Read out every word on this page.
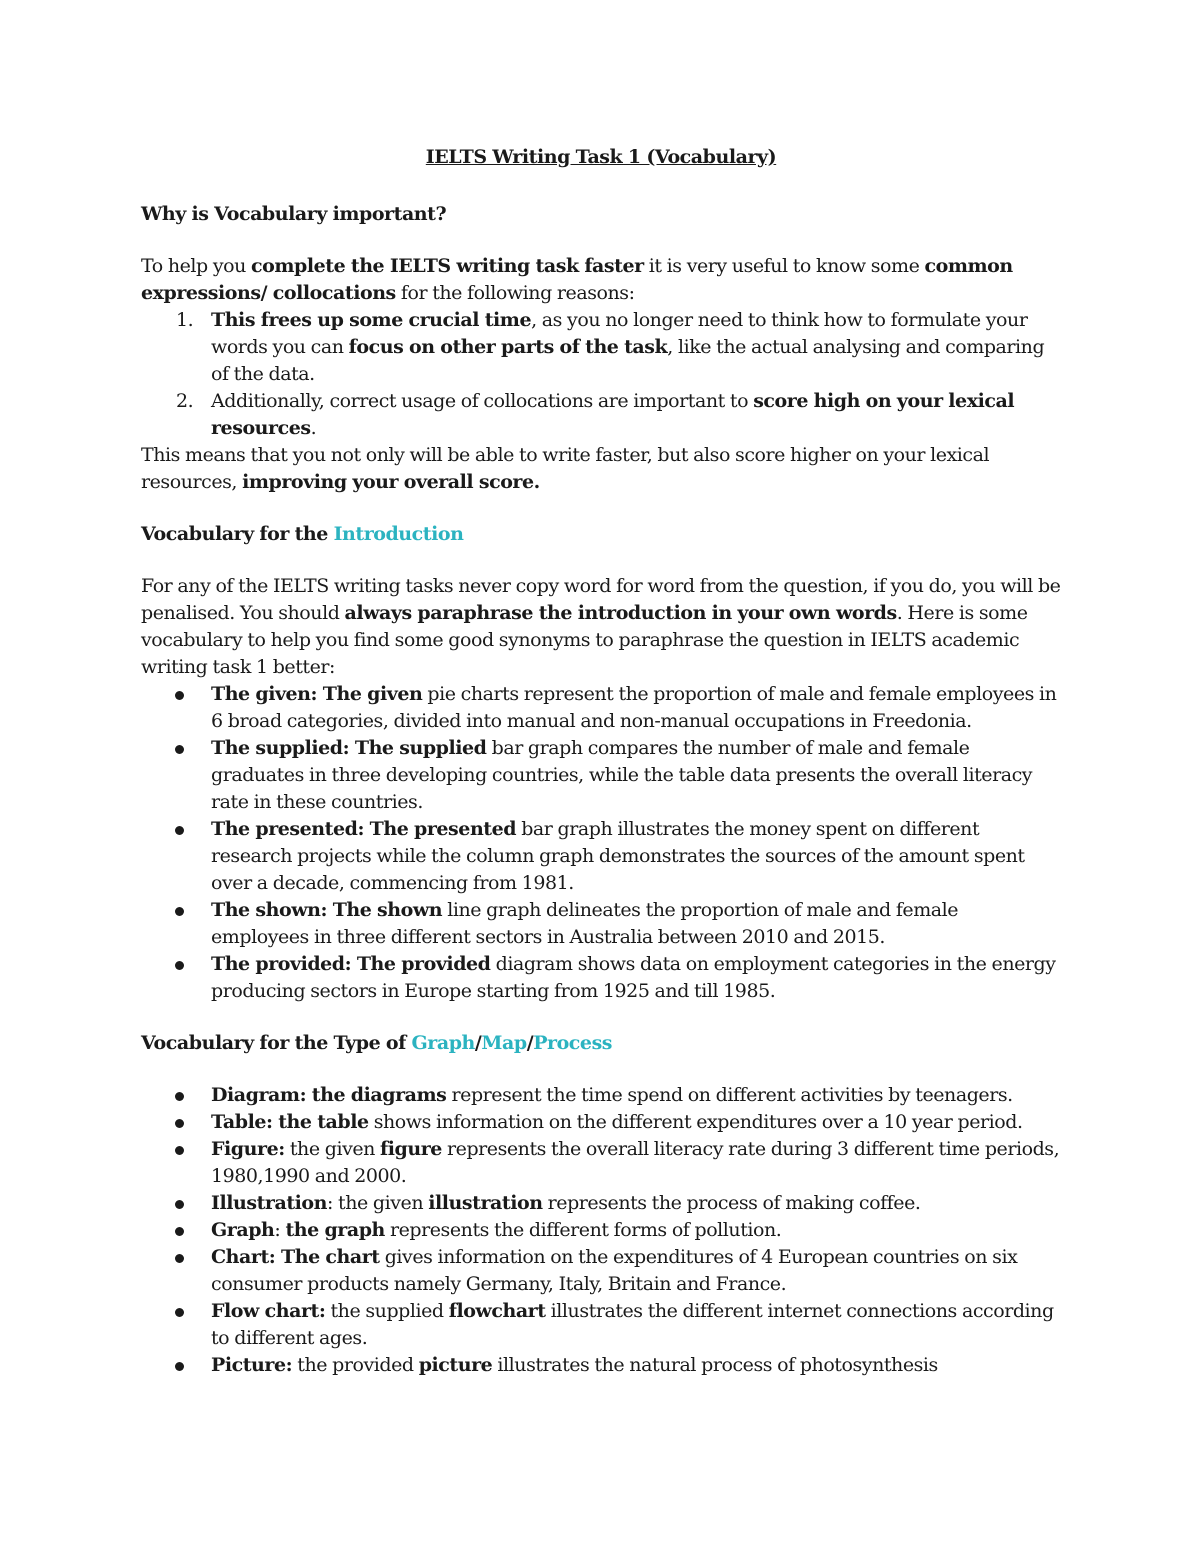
IELTS Writing Task 1 (Vocabulary)
Why is Vocabulary important?

To help you complete the IELTS writing task faster it is very useful to know some common expressions/ collocations for the following reasons:

1. This frees up some crucial time, as you no longer need to think how to formulate your words you can focus on other parts of the task, like the actual analysing and comparing of the data.
2. Additionally, correct usage of collocations are important to score high on your lexical resources.

This means that you not only will be able to write faster, but also score higher on your lexical resources, improving your overall score.

Vocabulary for the Introduction

For any of the IELTS writing tasks never copy word for word from the question, if you do, you will be penalised. You should always paraphrase the introduction in your own words. Here is some vocabulary to help you find some good synonyms to paraphrase the question in IELTS academic writing task 1 better:

The given: The given pie charts represent the proportion of male and female employees in 6 broad categories, divided into manual and non-manual occupations in Freedonia.
The supplied: The supplied bar graph compares the number of male and female graduates in three developing countries, while the table data presents the overall literacy rate in these countries.
The presented: The presented bar graph illustrates the money spent on different research projects while the column graph demonstrates the sources of the amount spent over a decade, commencing from 1981.
The shown: The shown line graph delineates the proportion of male and female employees in three different sectors in Australia between 2010 and 2015.
The provided: The provided diagram shows data on employment categories in the energy producing sectors in Europe starting from 1925 and till 1985.
Vocabulary for the Type of Graph/Map/Process
Diagram: the diagrams represent the time spend on different activities by teenagers.
Table: the table shows information on the different expenditures over a 10 year period.
Figure: the given figure represents the overall literacy rate during 3 different time periods, 1980,1990 and 2000.
Illustration: the given illustration represents the process of making coffee.
Graph: the graph represents the different forms of pollution.
Chart: The chart gives information on the expenditures of 4 European countries on six consumer products namely Germany, Italy, Britain and France.
Flow chart: the supplied flowchart illustrates the different internet connections according to different ages.
Picture: the provided picture illustrates the natural process of photosynthesis
